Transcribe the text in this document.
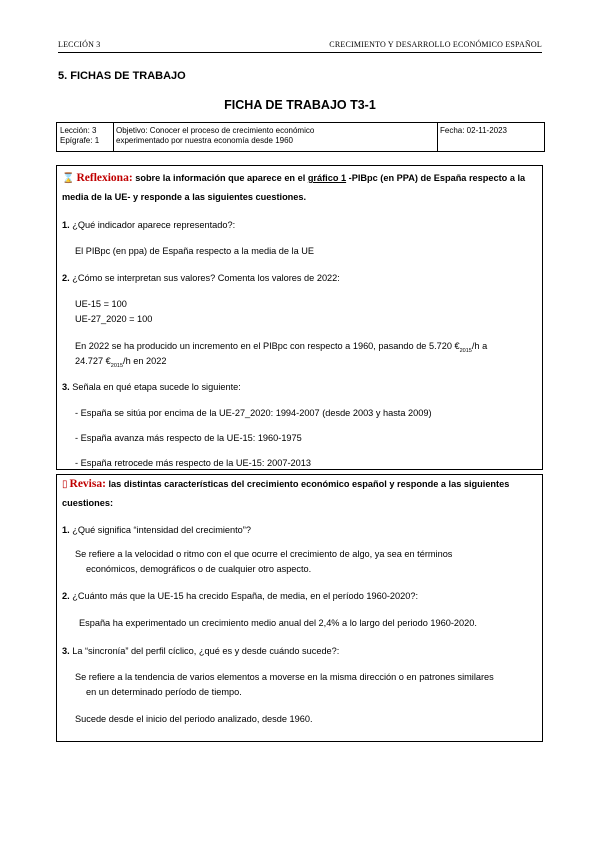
LECCIÓN 3	CRECIMIENTO Y DESARROLLO ECONÓMICO ESPAÑOL
5. FICHAS DE TRABAJO
FICHA DE TRABAJO T3-1
Lección: 3
Epígrafe: 1
Objetivo: Conocer el proceso de crecimiento económico experimentado por nuestra economía desde 1960
Fecha: 02-11-2023
⌛ Reflexiona: sobre la información que aparece en el gráfico 1 -PIBpc (en PPA) de España respecto a la
media de la UE- y responde a las siguientes cuestiones.
1. ¿Qué indicador aparece representado?:
El PIBpc (en ppa) de España respecto a la media de la UE
2. ¿Cómo se interpretan sus valores? Comenta los valores de 2022:
UE-15 = 100
UE-27_2020 = 100
En 2022 se ha producido un incremento en el PIBpc con respecto a 1960, pasando de 5.720 $€_{2015}/h$ a
24.727 $€_{2015}/h$ en 2022
3. Señala en qué etapa sucede lo siguiente:
- España se sitúa por encima de la UE-27_2020: 1994-2007 (desde 2003 y hasta 2009)
- España avanza más respecto de la UE-15: 1960-1975
- España retrocede más respecto de la UE-15: 2007-2013
▯ Revisa: las distintas características del crecimiento económico español y responde a las siguientes
cuestiones:
1. ¿Qué significa “intensidad del crecimiento”?
Se refiere a la velocidad o ritmo con el que ocurre el crecimiento de algo, ya sea en términos
económicos, demográficos o de cualquier otro aspecto.
2. ¿Cuánto más que la UE-15 ha crecido España, de media, en el período 1960-2020?:
España ha experimentado un crecimiento medio anual del 2,4% a lo largo del periodo 1960-2020.
3. La “sincronía” del perfil cíclico, ¿qué es y desde cuándo sucede?:
Se refiere a la tendencia de varios elementos a moverse en la misma dirección o en patrones similares
en un determinado período de tiempo.
Sucede desde el inicio del periodo analizado, desde 1960.
